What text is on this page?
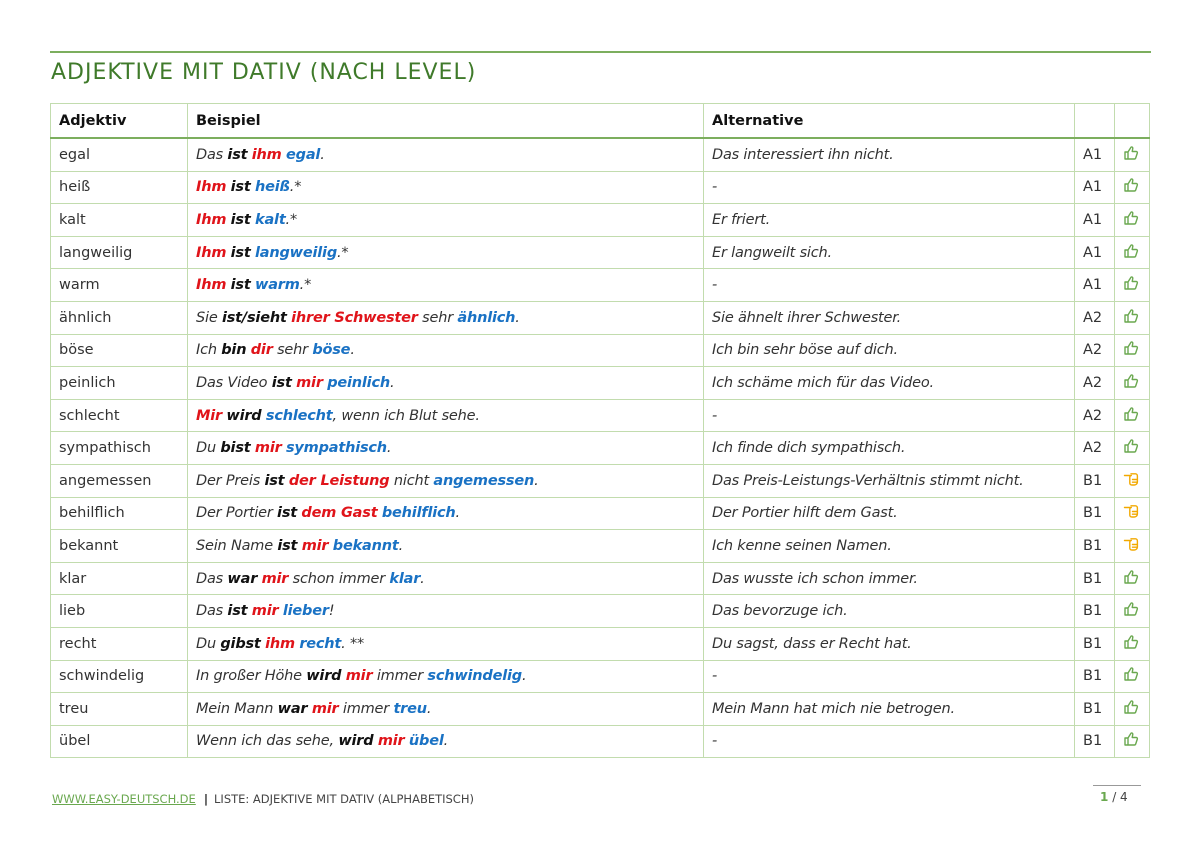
ADJEKTIVE MIT DATIV (NACH LEVEL)
Adjektiv	Beispiel	Alternative		
egal	Das ist ihm egal.	Das interessiert ihn nicht.	A1	
heiß	Ihm ist heiß.*	-	A1	
kalt	Ihm ist kalt.*	Er friert.	A1	
langweilig	Ihm ist langweilig.*	Er langweilt sich.	A1	
warm	Ihm ist warm.*	-	A1	
ähnlich	Sie ist/sieht ihrer Schwester sehr ähnlich.	Sie ähnelt ihrer Schwester.	A2	
böse	Ich bin dir sehr böse.	Ich bin sehr böse auf dich.	A2	
peinlich	Das Video ist mir peinlich.	Ich schäme mich für das Video.	A2	
schlecht	Mir wird schlecht, wenn ich Blut sehe.	-	A2	
sympathisch	Du bist mir sympathisch.	Ich finde dich sympathisch.	A2	
angemessen	Der Preis ist der Leistung nicht angemessen.	Das Preis-Leistungs-Verhältnis stimmt nicht.	B1	
behilflich	Der Portier ist dem Gast behilflich.	Der Portier hilft dem Gast.	B1	
bekannt	Sein Name ist mir bekannt.	Ich kenne seinen Namen.	B1	
klar	Das war mir schon immer klar.	Das wusste ich schon immer.	B1	
lieb	Das ist mir lieber!	Das bevorzuge ich.	B1	
recht	Du gibst ihm recht. **	Du sagst, dass er Recht hat.	B1	
schwindelig	In großer Höhe wird mir immer schwindelig.	-	B1	
treu	Mein Mann war mir immer treu.	Mein Mann hat mich nie betrogen.	B1	
übel	Wenn ich das sehe, wird mir übel.	-	B1	
WWW.EASY-DEUTSCH.DE | LISTE: ADJEKTIVE MIT DATIV (ALPHABETISCH)	1 / 4
